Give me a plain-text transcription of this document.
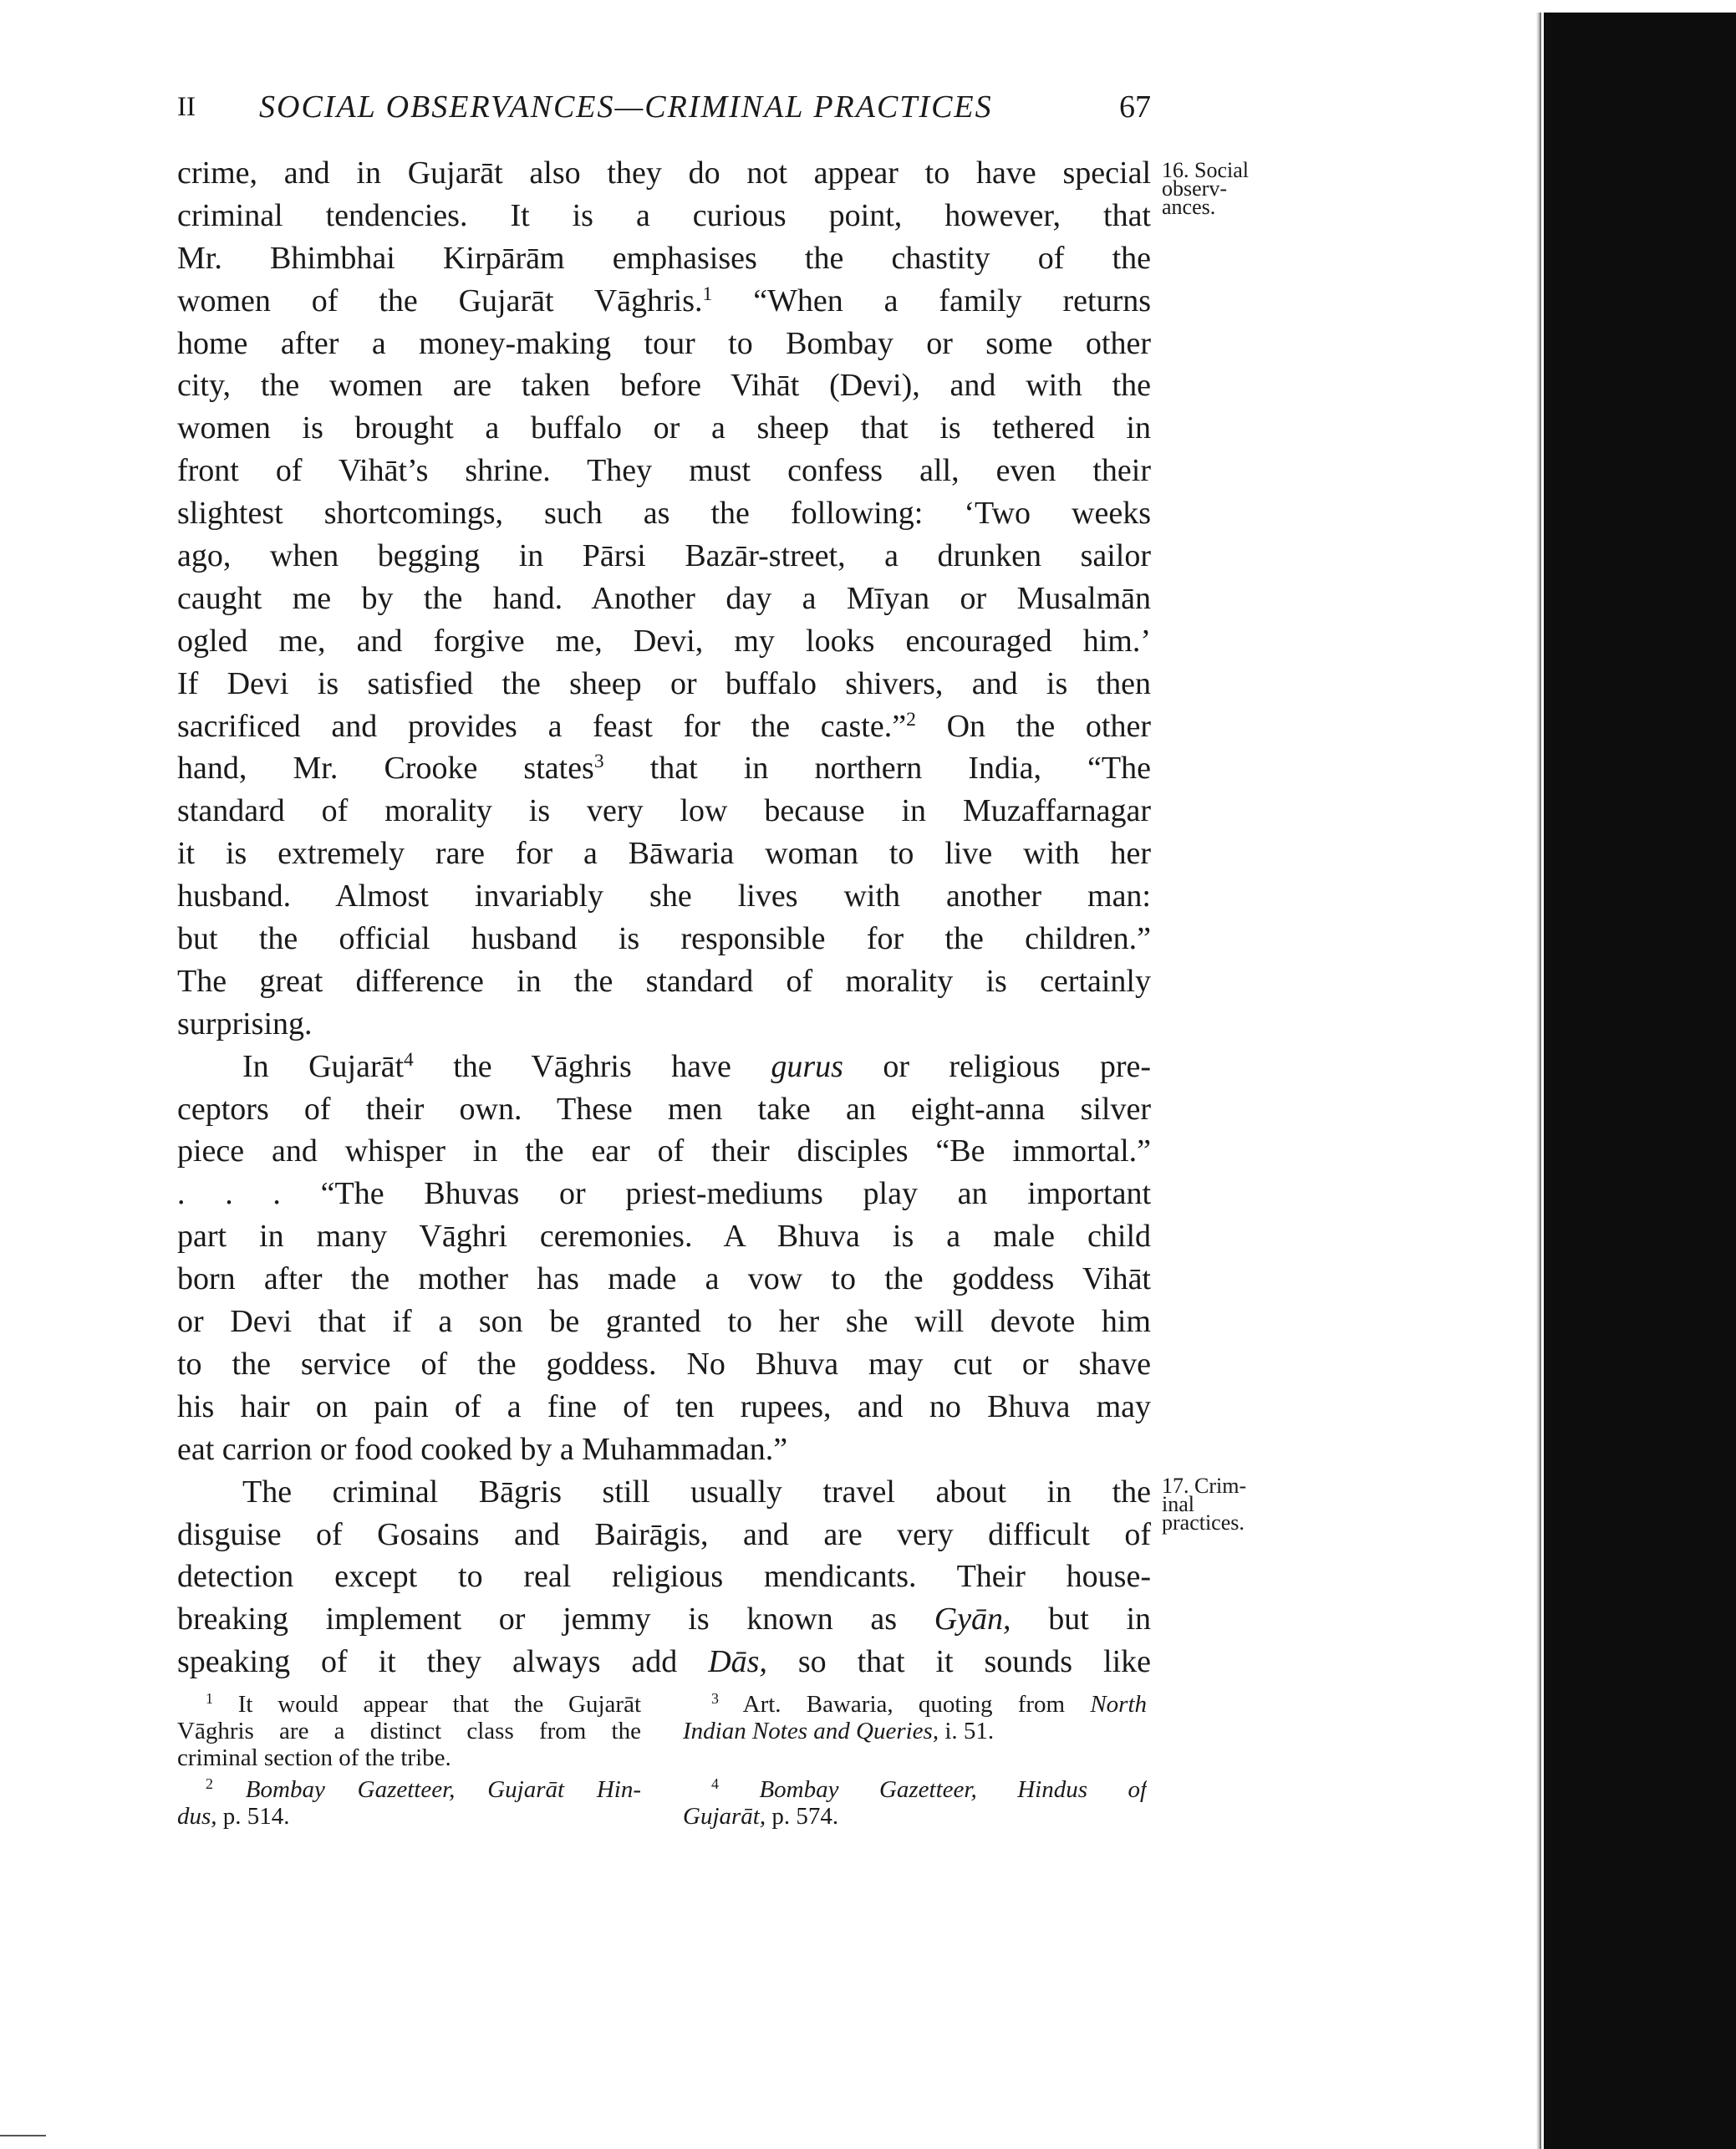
II SOCIAL OBSERVANCES—CRIMINAL PRACTICES	67
crime, and in Gujarāt also they do not appear to have special
criminal tendencies. It is a curious point, however, that
Mr. Bhimbhai Kirpārām emphasises the chastity of the
women of the Gujarāt Vāghris.$^1$ “When a family returns
home after a money-making tour to Bombay or some other
city, the women are taken before Vihāt (Devi), and with the
women is brought a buffalo or a sheep that is tethered in
front of Vihāt’s shrine. They must confess all, even their
slightest shortcomings, such as the following: ‘Two weeks
ago, when begging in Pārsi Bazār-street, a drunken sailor
caught me by the hand. Another day a Mīyan or Musalmān
ogled me, and forgive me, Devi, my looks encouraged him.’
If Devi is satisfied the sheep or buffalo shivers, and is then
sacrificed and provides a feast for the caste.”$^2$ On the other
hand, Mr. Crooke states$^3$ that in northern India, “The
standard of morality is very low because in Muzaffarnagar
it is extremely rare for a Bāwaria woman to live with her
husband. Almost invariably she lives with another man:
but the official husband is responsible for the children.”
The great difference in the standard of morality is certainly
surprising.
In Gujarāt$^4$ the Vāghris have gurus or religious pre-
ceptors of their own. These men take an eight-anna silver
piece and whisper in the ear of their disciples “Be immortal.”
. . . “The Bhuvas or priest-mediums play an important
part in many Vāghri ceremonies. A Bhuva is a male child
born after the mother has made a vow to the goddess Vihāt
or Devi that if a son be granted to her she will devote him
to the service of the goddess. No Bhuva may cut or shave
his hair on pain of a fine of ten rupees, and no Bhuva may
eat carrion or food cooked by a Muhammadan.”
The criminal Bāgris still usually travel about in the
disguise of Gosains and Bairāgis, and are very difficult of
detection except to real religious mendicants. Their house-
breaking implement or jemmy is known as Gyān, but in
speaking of it they always add Dās, so that it sounds like
16. Social
observ-
ances.
17. Crim-
inal
practices.
$^1$ It would appear that the Gujarāt
Vāghris are a distinct class from the
criminal section of the tribe.
$^2$ Bombay Gazetteer, Gujarāt Hin-
dus, p. 514.
$^3$ Art. Bawaria, quoting from North
Indian Notes and Queries, i. 51.
$^4$ Bombay Gazetteer, Hindus of
Gujarāt, p. 574.
